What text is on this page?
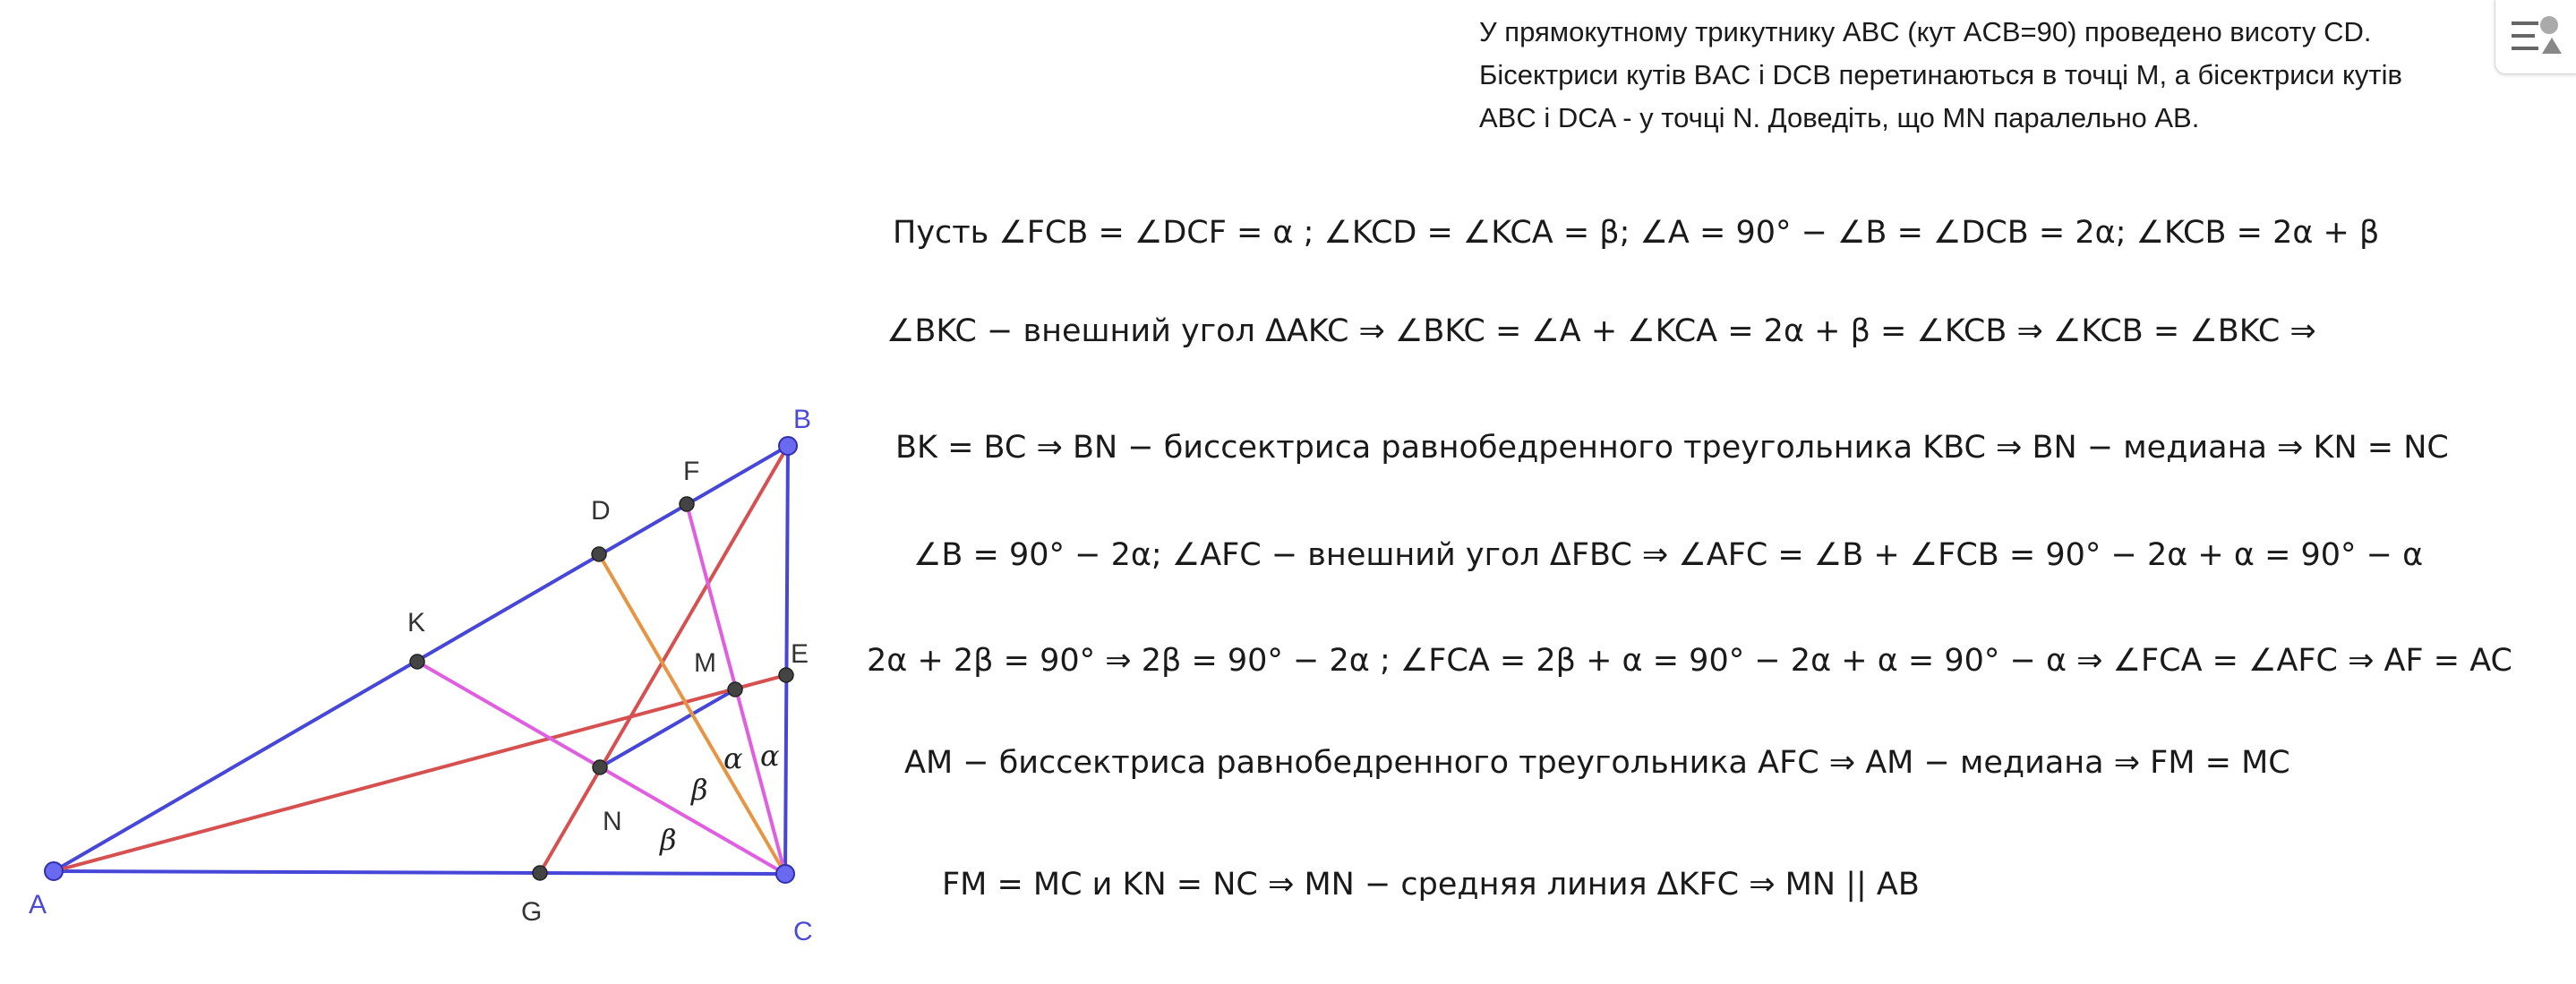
A
B
C
D
F
K
M	E
N
G
α α
β
β
У прямокутному трикутнику ABC (кут ACB=90) проведено висоту CD.
Бісектриси кутів BAC і DCB перетинаються в точці M, а бісектриси кутів
ABC і DCA - у точці N. Доведіть, що MN паралельно AB.
Пусть ∠FCB = ∠DCF = α ; ∠KCD = ∠KCA = β; ∠A = 90° − ∠B = ∠DCB = 2α; ∠KCB = 2α + β
∠BKC − внешний угол ΔAKC ⇒ ∠BKC = ∠A + ∠KCA = 2α + β = ∠KCB ⇒ ∠KCB = ∠BKC ⇒
BK = BC ⇒ BN − биссектриса равнобедренного треугольника KBC ⇒ BN − медиана ⇒ KN = NC
∠B = 90° − 2α; ∠AFC − внешний угол ΔFBC ⇒ ∠AFC = ∠B + ∠FCB = 90° − 2α + α = 90° − α
2α + 2β = 90° ⇒ 2β = 90° − 2α ; ∠FCA = 2β + α = 90° − 2α + α = 90° − α ⇒ ∠FCA = ∠AFC ⇒ AF = AC
AM − биссектриса равнобедренного треугольника AFC ⇒ AM − медиана ⇒ FM = MC
FM = MC и KN = NC ⇒ MN − средняя линия ΔKFC ⇒ MN || AB
